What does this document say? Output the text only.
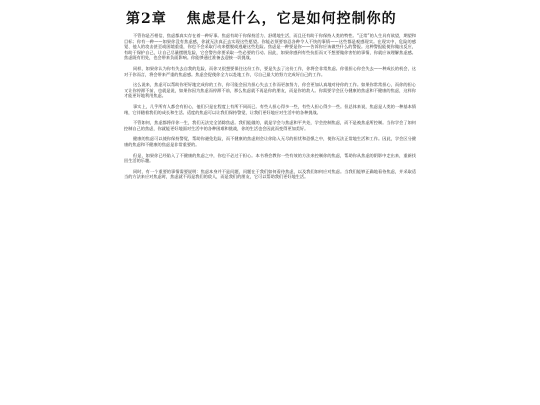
第2章 焦虑是什么，它是如何控制你的

不管你是否相信，焦虑都真实存在着一种好事。焦虑有助于你保持活力、舒缓地生活，而且还有助于你保持人类的特性。“正常”的人生具有欲望，期望和目标；你有一种——如果你没有焦虑感，你就无法真正去实现这些愿望。你能必须要容忍各种令人不快的事情——这些都是观感现实。在现实中，危险的感觉、他人的攻击甚至或困境重重，你也不会采取行动来摆脱或逃避这些危险。焦虑是一种要是你——告诉你应该做些什么的警报。这种警报能使你做出反应，有助于保护自己，让自己尽量摆脱危险，它会警告你要采取一些必要的行动。因此，如果你感到有些抗拒而又不想要做你害怕的事情，你就应该理解焦虑感。焦虑既有用处，也会带来负面影响。你能够通过准备去迎接一切挑战。

同样，如果你认为你有失去自我的危险，而你又很想要保住这份工作，要是失去了这份工作，你将会非常焦虑。你很担心你会失去——种成长的机会，这对于你而言，将会带来严重的焦虑感。焦虑会促使你全力以赴地工作，尽自己最大的努力完成好自己的工作。

这么说来，焦虑可以帮助你更好地完成你的工作，你可能会因为担心失去工作而更加努力，你会更加认真地对待你的工作。如果你常常担心，而你的担心又让你停滞不前，也就是说，如果你因为焦虑而停滞不前，那么焦虑就不再是你的朋友，而是你的敌人。你需要学会区分健康的焦虑和不健康的焦虑，这样你才能更好地利用焦虑。

事实上，几乎所有人都会有担心，他们只是在程度上有所不同而已。有些人担心得多一些，有些人担心得少一些。但总体来说，焦虑是人类的一种基本情绪，它伴随着我们的成长和生活。适度的焦虑可以让我们保持警觉，让我们更好地应对生活中的各种挑战。

不管如何，焦虑都将伴你一生，我们无法完全消除焦虑。我们能做的，就是学会与焦虑和平共处，学会控制焦虑，而不是被焦虑所控制。当你学会了如何控制自己的焦虑，你就能更好地面对生活中的各种困难和挑战，你的生活也会因此而变得更加美好。

健康的焦虑可以使你保持警觉，帮助你避免危险，而不健康的焦虑则会让你陷入无尽的担忧和恐惧之中，使你无法正常地生活和工作。因此，学会区分健康的焦虑和不健康的焦虑是非常重要的。

但是，如果你已经陷入了不健康的焦虑之中，你也不必过于担心。本书将会教你一些有效的方法来控制你的焦虑，帮助你从焦虑的阴影中走出来，重新找回生活的乐趣。

同时，有一个重要的事情需要说明：焦虑本身并不是问题，问题在于我们如何看待焦虑，以及我们如何应对焦虑。当我们能够正确地看待焦虑，并采取适当的方法来应对焦虑时，焦虑就不再是我们的敌人，而是我们的朋友，它可以帮助我们更好地生活。
